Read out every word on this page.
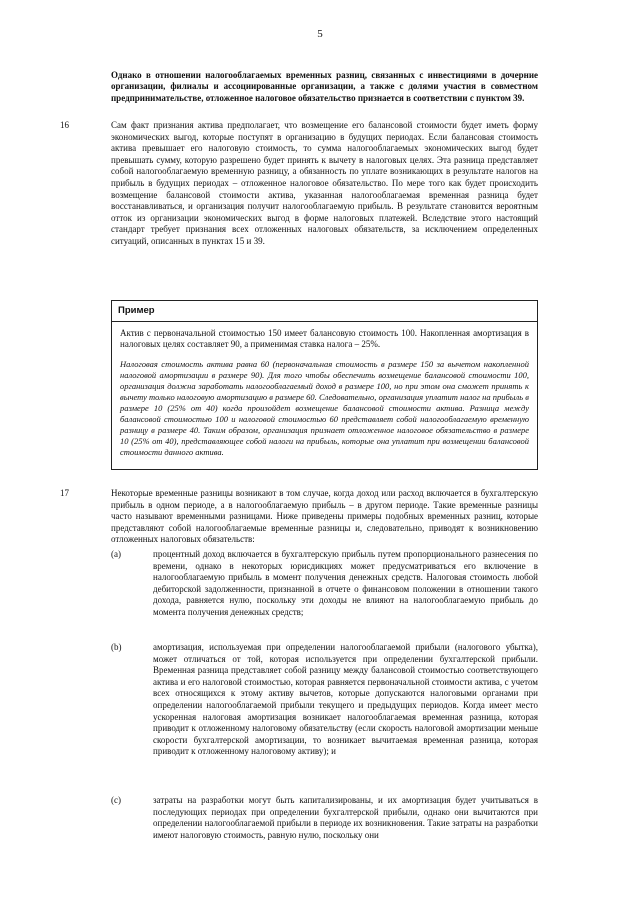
5
Однако в отношении налогооблагаемых временных разниц, связанных с инвестициями в дочерние организации, филиалы и ассоциированные организации, а также с долями участия в совместном предпринимательстве, отложенное налоговое обязательство признается в соответствии с пунктом 39.
16	Сам факт признания актива предполагает, что возмещение его балансовой стоимости будет иметь форму экономических выгод, которые поступят в организацию в будущих периодах. Если балансовая стоимость актива превышает его налоговую стоимость, то сумма налогооблагаемых экономических выгод будет превышать сумму, которую разрешено будет принять к вычету в налоговых целях. Эта разница представляет собой налогооблагаемую временную разницу, а обязанность по уплате возникающих в результате налогов на прибыль в будущих периодах – отложенное налоговое обязательство. По мере того как будет происходить возмещение балансовой стоимости актива, указанная налогооблагаемая временная разница будет восстанавливаться, и организация получит налогооблагаемую прибыль. В результате становится вероятным отток из организации экономических выгод в форме налоговых платежей. Вследствие этого настоящий стандарт требует признания всех отложенных налоговых обязательств, за исключением определенных ситуаций, описанных в пунктах 15 и 39.
Пример
Актив с первоначальной стоимостью 150 имеет балансовую стоимость 100. Накопленная амортизация в налоговых целях составляет 90, а применимая ставка налога – 25%.
Налоговая стоимость актива равна 60 (первоначальная стоимость в размере 150 за вычетом накопленной налоговой амортизации в размере 90). Для того чтобы обеспечить возмещение балансовой стоимости 100, организация должна заработать налогооблагаемый доход в размере 100, но при этом она сможет принять к вычету только налоговую амортизацию в размере 60. Следовательно, организация уплатит налог на прибыль в размере 10 (25% от 40) когда произойдет возмещение балансовой стоимости актива. Разница между балансовой стоимостью 100 и налоговой стоимостью 60 представляет собой налогооблагаемую временную разницу в размере 40. Таким образом, организация признает отложенное налоговое обязательство в размере 10 (25% от 40), представляющее собой налоги на прибыль, которые она уплатит при возмещении балансовой стоимости данного актива.
17	Некоторые временные разницы возникают в том случае, когда доход или расход включается в бухгалтерскую прибыль в одном периоде, а в налогооблагаемую прибыль – в другом периоде. Такие временные разницы часто называют временными разницами. Ниже приведены примеры подобных временных разниц, которые представляют собой налогооблагаемые временные разницы и, следовательно, приводят к возникновению отложенных налоговых обязательств:
(a)	процентный доход включается в бухгалтерскую прибыль путем пропорционального разнесения по времени, однако в некоторых юрисдикциях может предусматриваться его включение в налогооблагаемую прибыль в момент получения денежных средств. Налоговая стоимость любой дебиторской задолженности, признанной в отчете о финансовом положении в отношении такого дохода, равняется нулю, поскольку эти доходы не влияют на налогооблагаемую прибыль до момента получения денежных средств;
(b)	амортизация, используемая при определении налогооблагаемой прибыли (налогового убытка), может отличаться от той, которая используется при определении бухгалтерской прибыли. Временная разница представляет собой разницу между балансовой стоимостью соответствующего актива и его налоговой стоимостью, которая равняется первоначальной стоимости актива, с учетом всех относящихся к этому активу вычетов, которые допускаются налоговыми органами при определении налогооблагаемой прибыли текущего и предыдущих периодов. Когда имеет место ускоренная налоговая амортизация возникает налогооблагаемая временная разница, которая приводит к отложенному налоговому обязательству (если скорость налоговой амортизации меньше скорости бухгалтерской амортизации, то возникает вычитаемая временная разница, которая приводит к отложенному налоговому активу); и
(c)	затраты на разработки могут быть капитализированы, и их амортизация будет учитываться в последующих периодах при определении бухгалтерской прибыли, однако они вычитаются при определении налогооблагаемой прибыли в периоде их возникновения. Такие затраты на разработки имеют налоговую стоимость, равную нулю, поскольку они
